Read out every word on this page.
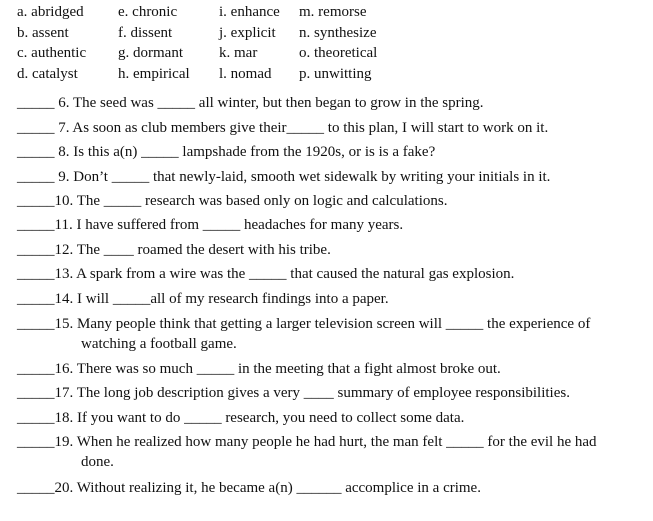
a. abridged e. chronic	i. enhance m. remorse
b. assent	f. dissent	j. explicit n. synthesize
c. authentic g. dormant k. mar	o. theoretical
d. catalyst	h. empirical l. nomad p. unwitting
_____ 6. The seed was _____ all winter, but then began to grow in the spring.
_____ 7. As soon as club members give their_____ to this plan, I will start to work on it.
_____ 8. Is this a(n) _____ lampshade from the 1920s, or is is a fake?
_____ 9. Don’t _____ that newly-laid, smooth wet sidewalk by writing your initials in it.
_____10. The _____ research was based only on logic and calculations.
_____11. I have suffered from _____ headaches for many years.
_____12. The ____ roamed the desert with his tribe.
_____13. A spark from a wire was the _____ that caused the natural gas explosion.
_____14. I will _____all of my research findings into a paper.
_____15. Many people think that getting a larger television screen will _____ the experience of
watching a football game.
_____16. There was so much _____ in the meeting that a fight almost broke out.
_____17. The long job description gives a very ____ summary of employee responsibilities.
_____18. If you want to do _____ research, you need to collect some data.
_____19. When he realized how many people he had hurt, the man felt _____ for the evil he had
done.
_____20. Without realizing it, he became a(n) ______ accomplice in a crime.
